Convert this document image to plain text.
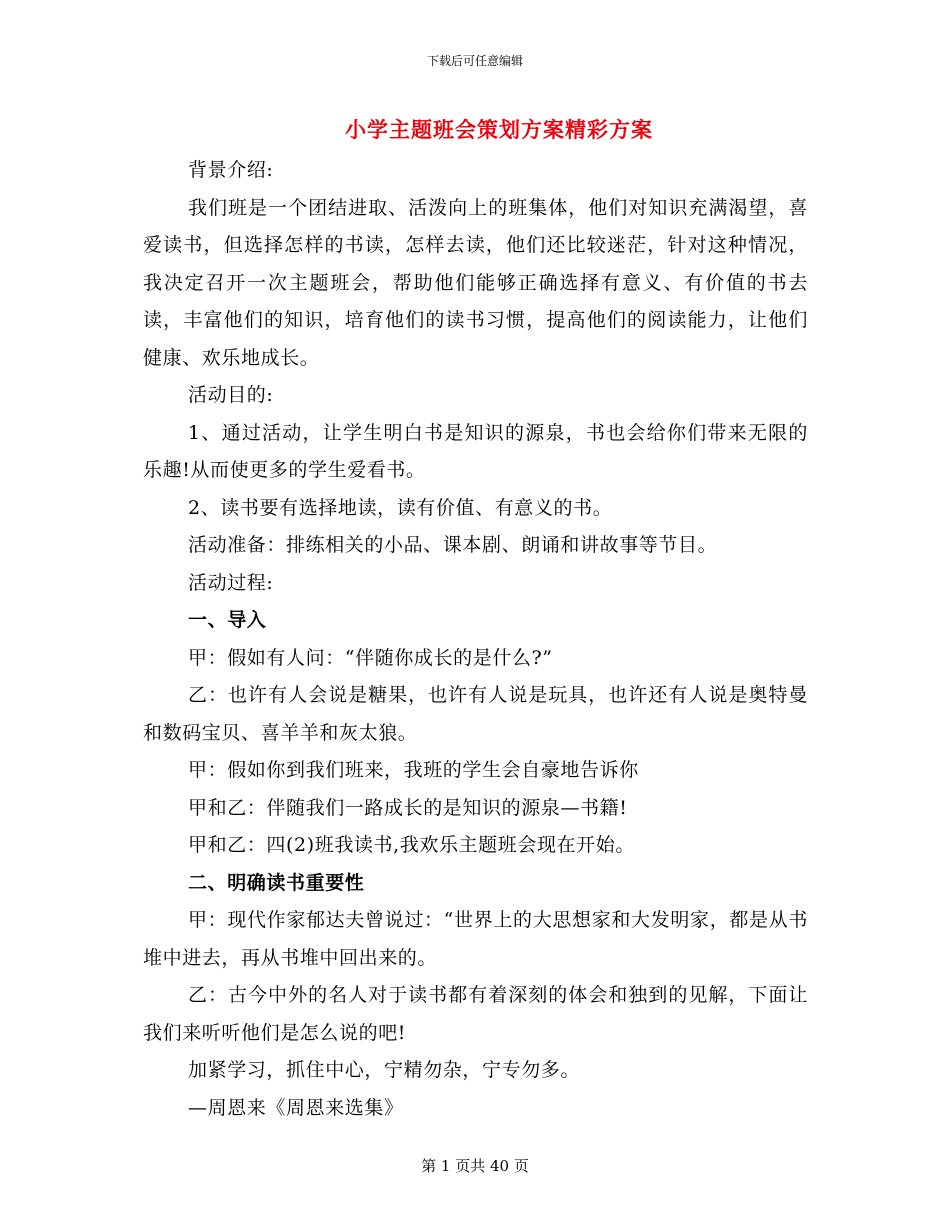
下载后可任意编辑
小学主题班会策划方案精彩方案

背景介绍:

我们班是一个团结进取、活泼向上的班集体，他们对知识充满渴望，喜爱读书，但选择怎样的书读，怎样去读，他们还比较迷茫，针对这种情况，我决定召开一次主题班会，帮助他们能够正确选择有意义、有价值的书去读，丰富他们的知识，培育他们的读书习惯，提高他们的阅读能力，让他们健康、欢乐地成长。

活动目的:

1、通过活动，让学生明白书是知识的源泉，书也会给你们带来无限的乐趣!从而使更多的学生爱看书。

2、读书要有选择地读，读有价值、有意义的书。

活动准备：排练相关的小品、课本剧、朗诵和讲故事等节目。

活动过程:

一、导入

甲：假如有人问：“伴随你成长的是什么?”

乙：也许有人会说是糖果，也许有人说是玩具，也许还有人说是奥特曼和数码宝贝、喜羊羊和灰太狼。

甲：假如你到我们班来，我班的学生会自豪地告诉你

甲和乙：伴随我们一路成长的是知识的源泉—书籍!

甲和乙：四(2)班我读书,我欢乐主题班会现在开始。

二、明确读书重要性

甲：现代作家郁达夫曾说过：“世界上的大思想家和大发明家，都是从书堆中进去，再从书堆中回出来的。

乙：古今中外的名人对于读书都有着深刻的体会和独到的见解，下面让我们来听听他们是怎么说的吧!

加紧学习，抓住中心，宁精勿杂，宁专勿多。

—周恩来《周恩来选集》

第 1 页共 40 页
